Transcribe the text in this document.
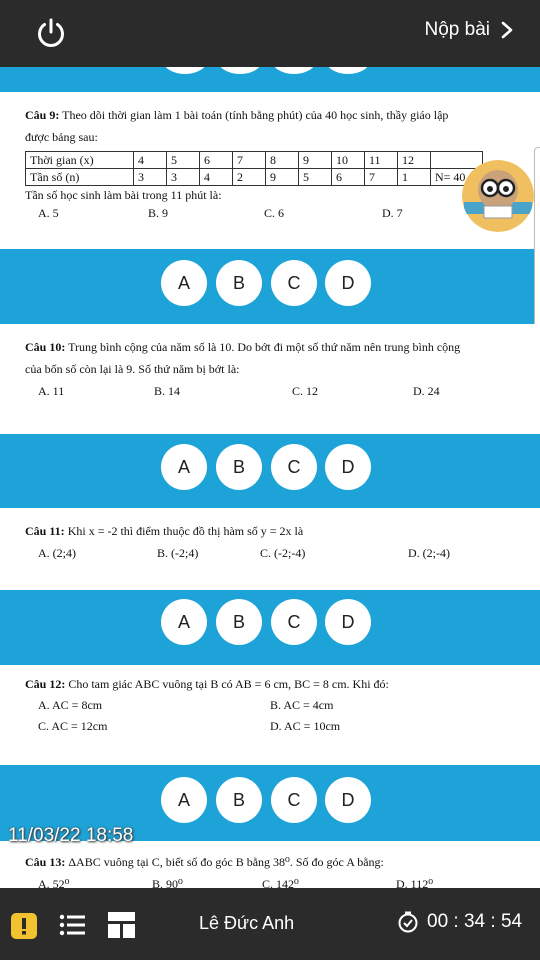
Nộp bài
Câu 9: Theo dõi thời gian làm 1 bài toán (tính bằng phút) của 40 học sinh, thầy giáo lập
được bảng sau:
Thời gian (x)	4	5	6	7	8	9	10	11	12	
Tần số (n)	3	3	4	2	9	5	6	7	1	N= 40
Tần số học sinh làm bài trong 11 phút là:
A. 5	B. 9	C. 6	D. 7
A	B	C	D
Câu 10: Trung bình cộng của năm số là 10. Do bớt đi một số thứ năm nên trung bình cộng
của bốn số còn lại là 9. Số thứ năm bị bớt là:
A. 11	B. 14	C. 12	D. 24
A	B	C	D
Câu 11: Khi x = -2 thì điểm thuộc đồ thị hàm số y = 2x là
A. (2;4)	B. (-2;4)	C. (-2;-4)	D. (2;-4)
A	B	C	D
Câu 12: Cho tam giác ABC vuông tại B có AB = 6 cm, BC = 8 cm. Khi đó:
A. AC = 8cm	B. AC = 4cm
C. AC = 12cm	D. AC = 10cm
A	B	C	D
Câu 13: ΔABC vuông tại C, biết số đo góc B bằng 38⁰. Số đo góc A bằng:
A. 52⁰	B. 90⁰	C. 142⁰	D. 112⁰
11/03/22 18:58
Lê Đức Anh	00 : 34 : 54
